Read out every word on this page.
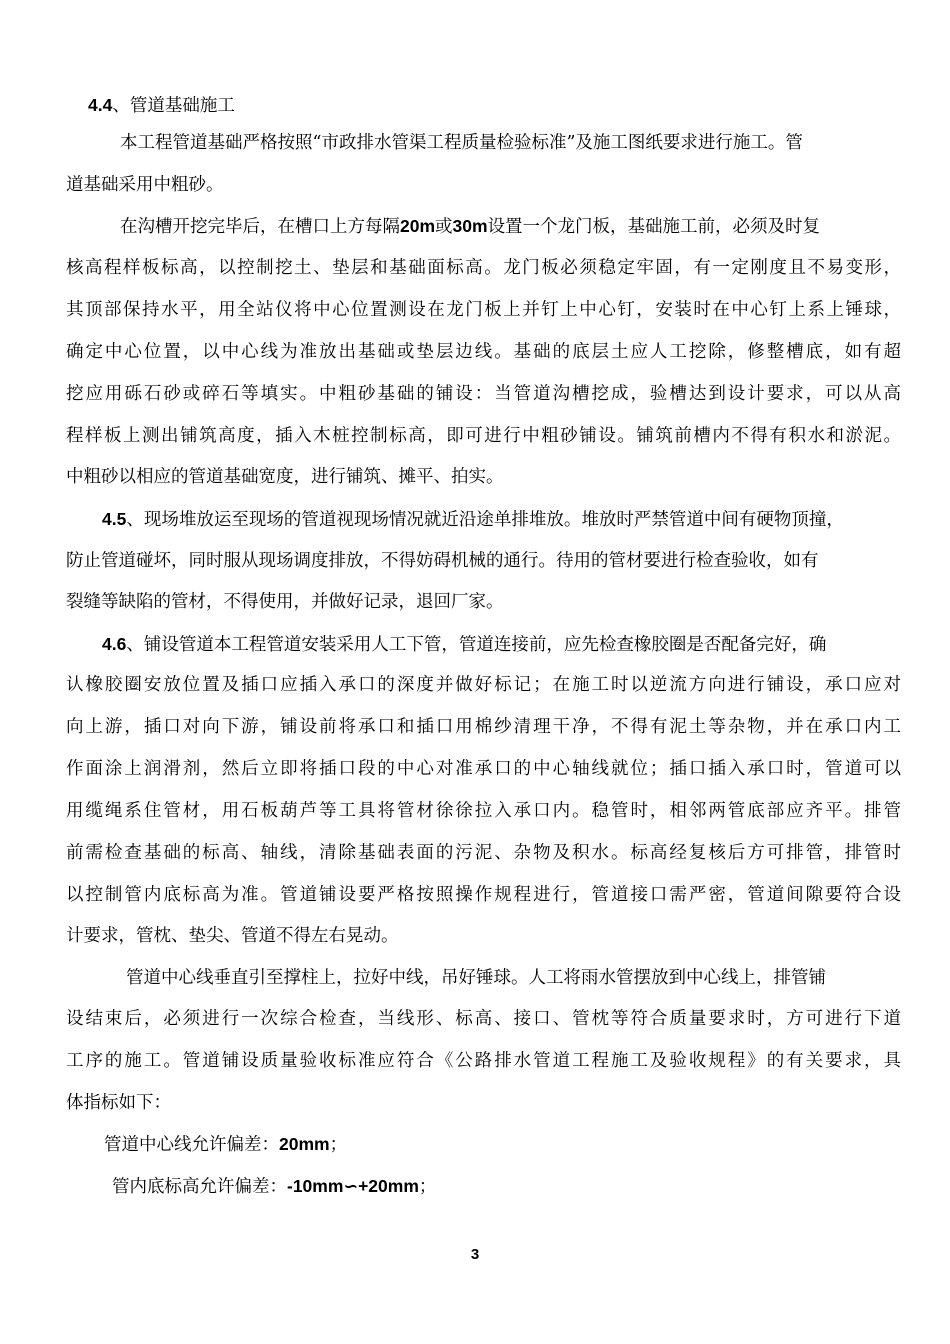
4.4、管道基础施工
本工程管道基础严格按照“市政排水管渠工程质量检验标准”及施工图纸要求进行施工。管
道基础采用中粗砂。
在沟槽开挖完毕后，在槽口上方每隔20m或30m设置一个龙门板，基础施工前，必须及时复
核高程样板标高，以控制挖土、垫层和基础面标高。龙门板必须稳定牢固，有一定刚度且不易变形，
其顶部保持水平，用全站仪将中心位置测设在龙门板上并钉上中心钉，安装时在中心钉上系上锤球，
确定中心位置，以中心线为准放出基础或垫层边线。基础的底层土应人工挖除，修整槽底，如有超
挖应用砾石砂或碎石等填实。中粗砂基础的铺设：当管道沟槽挖成，验槽达到设计要求，可以从高
程样板上测出铺筑高度，插入木桩控制标高，即可进行中粗砂铺设。铺筑前槽内不得有积水和淤泥。
中粗砂以相应的管道基础宽度，进行铺筑、摊平、拍实。
4.5、现场堆放运至现场的管道视现场情况就近沿途单排堆放。堆放时严禁管道中间有硬物顶撞，
防止管道碰坏，同时服从现场调度排放，不得妨碍机械的通行。待用的管材要进行检查验收，如有
裂缝等缺陷的管材，不得使用，并做好记录，退回厂家。
4.6、铺设管道本工程管道安装采用人工下管，管道连接前，应先检查橡胶圈是否配备完好，确
认橡胶圈安放位置及插口应插入承口的深度并做好标记；在施工时以逆流方向进行铺设，承口应对
向上游，插口对向下游，铺设前将承口和插口用棉纱清理干净，不得有泥土等杂物，并在承口内工
作面涂上润滑剂，然后立即将插口段的中心对准承口的中心轴线就位；插口插入承口时，管道可以
用缆绳系住管材，用石板葫芦等工具将管材徐徐拉入承口内。稳管时，相邻两管底部应齐平。排管
前需检查基础的标高、轴线，清除基础表面的污泥、杂物及积水。标高经复核后方可排管，排管时
以控制管内底标高为准。管道铺设要严格按照操作规程进行，管道接口需严密，管道间隙要符合设
计要求，管枕、垫尖、管道不得左右晃动。
管道中心线垂直引至撑柱上，拉好中线，吊好锤球。人工将雨水管摆放到中心线上，排管铺
设结束后，必须进行一次综合检查，当线形、标高、接口、管枕等符合质量要求时，方可进行下道
工序的施工。管道铺设质量验收标准应符合《公路排水管道工程施工及验收规程》的有关要求，具
体指标如下：
管道中心线允许偏差：20mm；
管内底标高允许偏差：-10mm∽+20mm；
3
